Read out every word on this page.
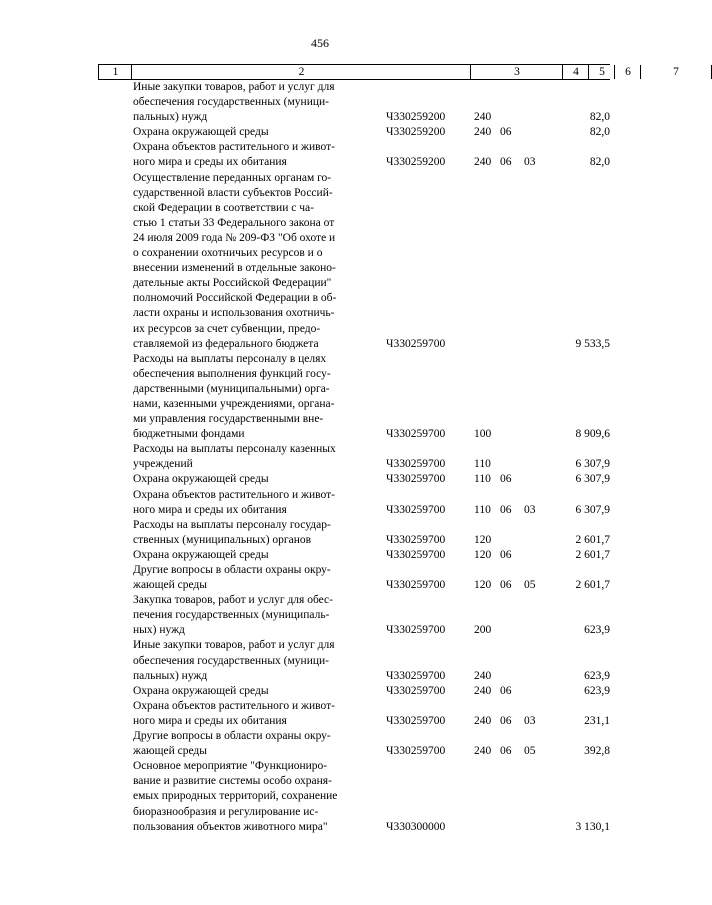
456
1	2	3	4	5	6	7
Иные закупки товаров, работ и услуг для
обеспечения государственных (муници-
пальных) нужд	Ч330259200	240	82,0
Охрана окружающей среды	Ч330259200	240 06	82,0
Охрана объектов растительного и живот-
ного мира и среды их обитания	Ч330259200	240 06 03	82,0
Осуществление переданных органам го-
сударственной власти субъектов Россий-
ской Федерации в соответствии с ча-
стью 1 статьи 33 Федерального закона от
24 июля 2009 года № 209-ФЗ "Об охоте и
о сохранении охотничьих ресурсов и о
внесении изменений в отдельные законо-
дательные акты Российской Федерации"
полномочий Российской Федерации в об-
ласти охраны и использования охотничь-
их ресурсов за счет субвенции, предо-
ставляемой из федерального бюджета	Ч330259700	9 533,5
Расходы на выплаты персоналу в целях
обеспечения выполнения функций госу-
дарственными (муниципальными) орга-
нами, казенными учреждениями, органа-
ми управления государственными вне-
бюджетными фондами	Ч330259700	100	8 909,6
Расходы на выплаты персоналу казенных
учреждений	Ч330259700	110	6 307,9
Охрана окружающей среды	Ч330259700	110 06	6 307,9
Охрана объектов растительного и живот-
ного мира и среды их обитания	Ч330259700	110 06 03	6 307,9
Расходы на выплаты персоналу государ-
ственных (муниципальных) органов	Ч330259700	120	2 601,7
Охрана окружающей среды	Ч330259700	120 06	2 601,7
Другие вопросы в области охраны окру-
жающей среды	Ч330259700	120 06 05	2 601,7
Закупка товаров, работ и услуг для обес-
печения государственных (муниципаль-
ных) нужд	Ч330259700	200	623,9
Иные закупки товаров, работ и услуг для
обеспечения государственных (муници-
пальных) нужд	Ч330259700	240	623,9
Охрана окружающей среды	Ч330259700	240 06	623,9
Охрана объектов растительного и живот-
ного мира и среды их обитания	Ч330259700	240 06 03	231,1
Другие вопросы в области охраны окру-
жающей среды	Ч330259700	240 06 05	392,8
Основное мероприятие "Функциониро-
вание и развитие системы особо охраня-
емых природных территорий, сохранение
биоразнообразия и регулирование ис-
пользования объектов животного мира"	Ч330300000	3 130,1
